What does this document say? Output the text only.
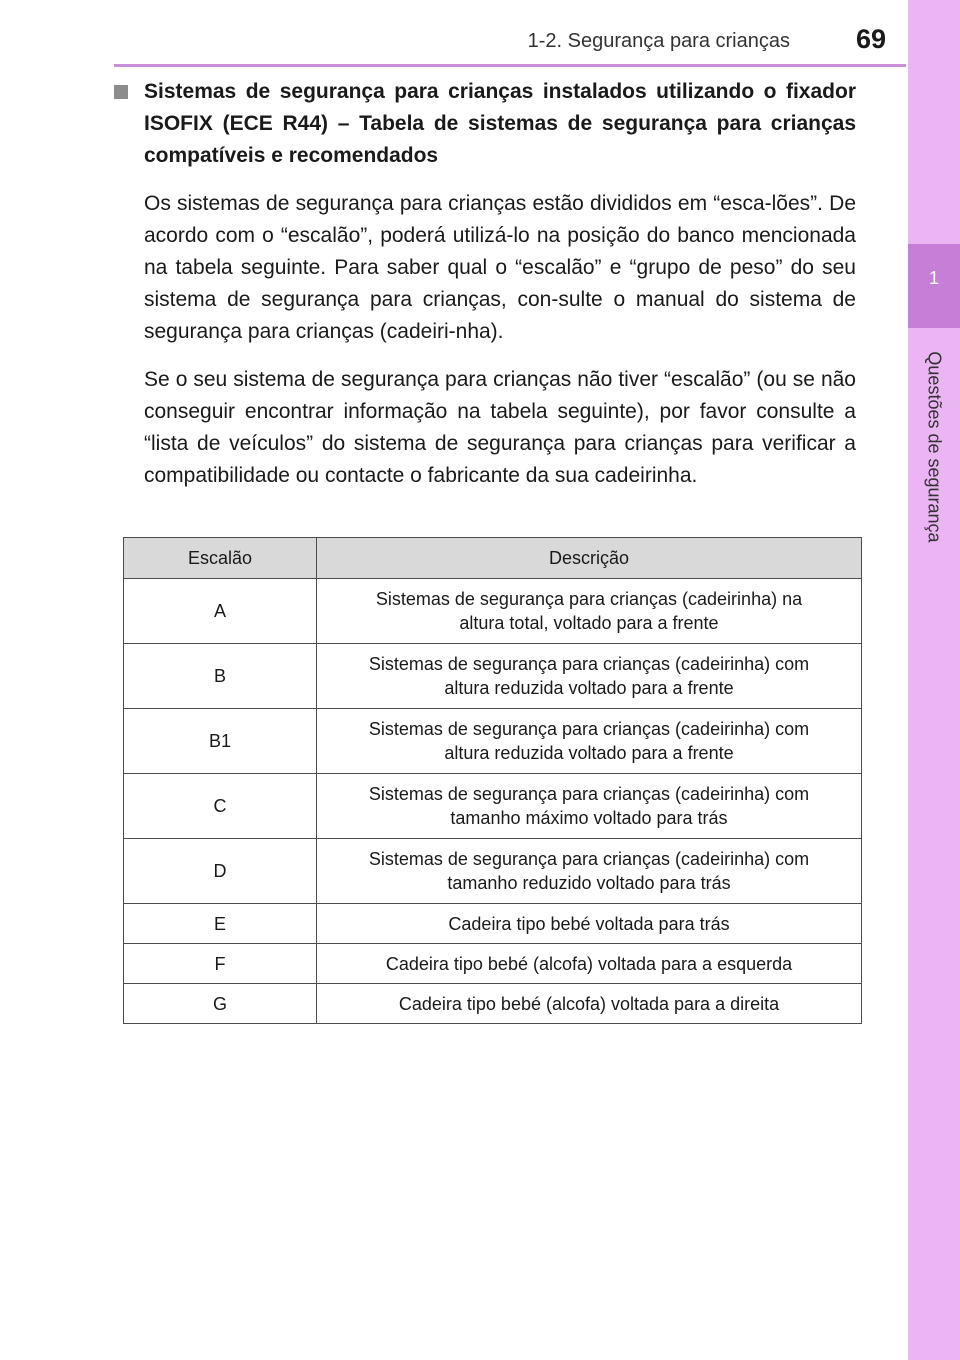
1-2. Segurança para crianças 69
1
Questões de segurança
Sistemas de segurança para crianças instalados utilizando o fixador ISOFIX (ECE R44) – Tabela de sistemas de segurança para crianças compatíveis e recomendados

Os sistemas de segurança para crianças estão divididos em “esca-lões”. De acordo com o “escalão”, poderá utilizá-lo na posição do banco mencionada na tabela seguinte. Para saber qual o “escalão” e “grupo de peso” do seu sistema de segurança para crianças, con-sulte o manual do sistema de segurança para crianças (cadeiri-nha).

Se o seu sistema de segurança para crianças não tiver “escalão” (ou se não conseguir encontrar informação na tabela seguinte), por favor consulte a “lista de veículos” do sistema de segurança para crianças para verificar a compatibilidade ou contacte o fabricante da sua cadeirinha.

Escalão	Descrição
A	Sistemas de segurança para crianças (cadeirinha) na
altura total, voltado para a frente
B	Sistemas de segurança para crianças (cadeirinha) com
altura reduzida voltado para a frente
B1	Sistemas de segurança para crianças (cadeirinha) com
altura reduzida voltado para a frente
C	Sistemas de segurança para crianças (cadeirinha) com
tamanho máximo voltado para trás
D	Sistemas de segurança para crianças (cadeirinha) com
tamanho reduzido voltado para trás
E	Cadeira tipo bebé voltada para trás
F	Cadeira tipo bebé (alcofa) voltada para a esquerda
G	Cadeira tipo bebé (alcofa) voltada para a direita
